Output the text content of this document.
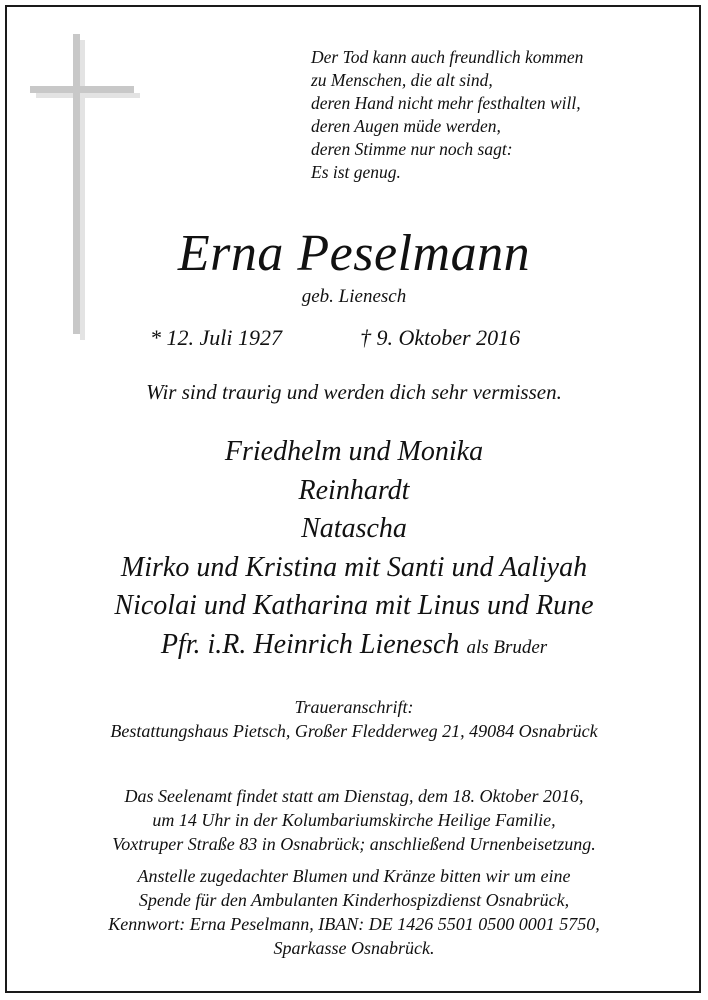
Der Tod kann auch freundlich kommen
zu Menschen, die alt sind,
deren Hand nicht mehr festhalten will,
deren Augen müde werden,
deren Stimme nur noch sagt:
Es ist genug.
Erna Peselmann
geb. Lienesch
* 12. Juli 1927	† 9. Oktober 2016
Wir sind traurig und werden dich sehr vermissen.
Friedhelm und Monika
Reinhardt
Natascha
Mirko und Kristina mit Santi und Aaliyah
Nicolai und Katharina mit Linus und Rune
Pfr. i.R. Heinrich Lienesch als Bruder
Traueranschrift:
Bestattungshaus Pietsch, Großer Fledderweg 21, 49084 Osnabrück
Das Seelenamt findet statt am Dienstag, dem 18. Oktober 2016,
um 14 Uhr in der Kolumbariumskirche Heilige Familie,
Voxtruper Straße 83 in Osnabrück; anschließend Urnenbeisetzung.
Anstelle zugedachter Blumen und Kränze bitten wir um eine
Spende für den Ambulanten Kinderhospizdienst Osnabrück,
Kennwort: Erna Peselmann, IBAN: DE 1426 5501 0500 0001 5750,
Sparkasse Osnabrück.
